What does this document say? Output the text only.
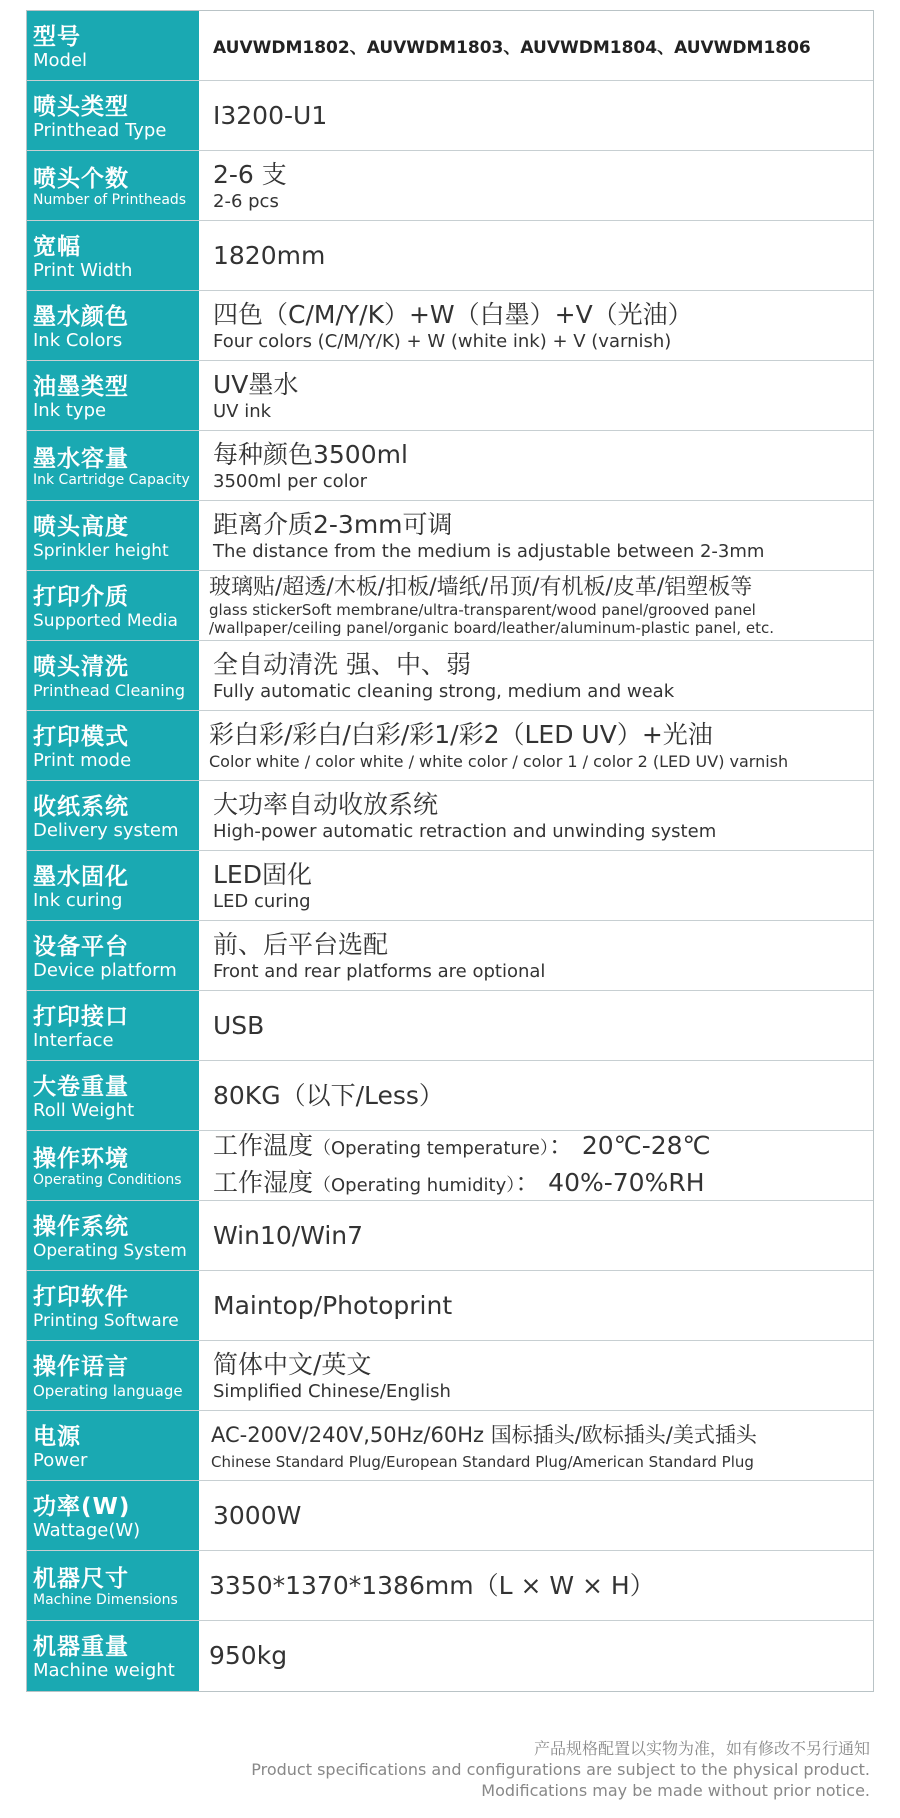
型号
Model
AUVWDM1802、AUVWDM1803、AUVWDM1804、AUVWDM1806
喷头类型
Printhead Type
I3200-U1
喷头个数
Number of Printheads
2-6 支
2-6 pcs
宽幅
Print Width
1820mm
墨水颜色
Ink Colors
四色（C/M/Y/K）+W（白墨）+V（光油）
Four colors (C/M/Y/K) + W (white ink) + V (varnish)
油墨类型
Ink type
UV墨水
UV ink
墨水容量
Ink Cartridge Capacity
每种颜色3500ml
3500ml per color
喷头高度
Sprinkler height
距离介质2-3mm可调
The distance from the medium is adjustable between 2-3mm
打印介质
Supported Media
玻璃贴/超透/木板/扣板/墙纸/吊顶/有机板/皮革/铝塑板等
glass stickerSoft membrane/ultra-transparent/wood panel/grooved panel /wallpaper/ceiling panel/organic board/leather/aluminum-plastic panel, etc.
喷头清洗
Printhead Cleaning
全自动清洗 强、中、弱
Fully automatic cleaning strong, medium and weak
打印模式
Print mode
彩白彩/彩白/白彩/彩1/彩2（LED UV）+光油
Color white / color white / white color / color 1 / color 2 (LED UV) varnish
收纸系统
Delivery system
大功率自动收放系统
High-power automatic retraction and unwinding system
墨水固化
Ink curing
LED固化
LED curing
设备平台
Device platform
前、后平台选配
Front and rear platforms are optional
打印接口
Interface
USB
大卷重量
Roll Weight
80KG（以下/Less）
操作环境
Operating Conditions
工作温度（Operating temperature）： 20℃-28℃
工作湿度（Operating humidity）： 40%-70%RH
操作系统
Operating System
Win10/Win7
打印软件
Printing Software
Maintop/Photoprint
操作语言
Operating language
简体中文/英文
Simplified Chinese/English
电源
Power
AC-200V/240V,50Hz/60Hz 国标插头/欧标插头/美式插头
Chinese Standard Plug/European Standard Plug/American Standard Plug
功率(W)
Wattage(W)
3000W
机器尺寸
Machine Dimensions
3350*1370*1386mm（L × W × H）
机器重量
Machine weight
950kg
产品规格配置以实物为准，如有修改不另行通知
Product specifications and configurations are subject to the physical product.
Modifications may be made without prior notice.
